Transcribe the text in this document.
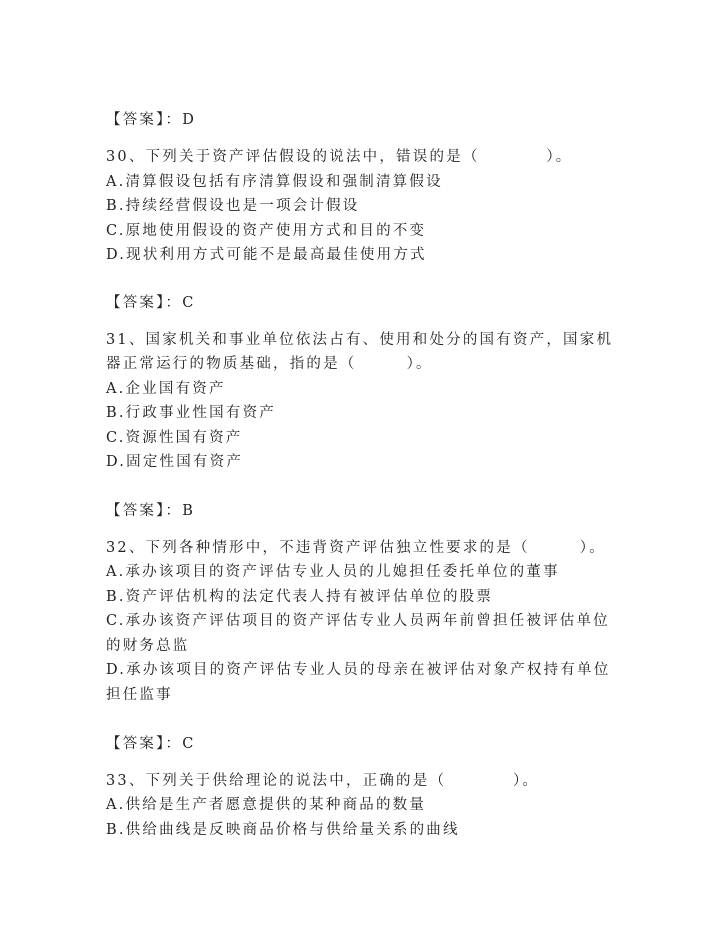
【答案】：D
30、下列关于资产评估假设的说法中，错误的是（　　　　）。
A.清算假设包括有序清算假设和强制清算假设
B.持续经营假设也是一项会计假设
C.原地使用假设的资产使用方式和目的不变
D.现状利用方式可能不是最高最佳使用方式
【答案】：C
31、国家机关和事业单位依法占有、使用和处分的国有资产，国家机
器正常运行的物质基础，指的是（　　　）。
A.企业国有资产
B.行政事业性国有资产
C.资源性国有资产
D.固定性国有资产
【答案】：B
32、下列各种情形中，不违背资产评估独立性要求的是（　　　）。
A.承办该项目的资产评估专业人员的儿媳担任委托单位的董事
B.资产评估机构的法定代表人持有被评估单位的股票
C.承办该资产评估项目的资产评估专业人员两年前曾担任被评估单位
的财务总监
D.承办该项目的资产评估专业人员的母亲在被评估对象产权持有单位
担任监事
【答案】：C
33、下列关于供给理论的说法中，正确的是（　　　　）。
A.供给是生产者愿意提供的某种商品的数量
B.供给曲线是反映商品价格与供给量关系的曲线
